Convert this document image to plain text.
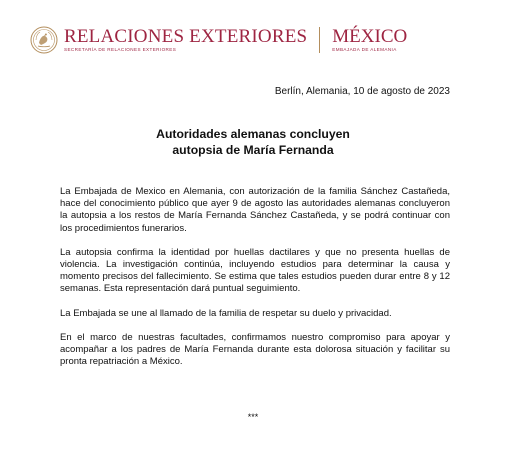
RELACIONES EXTERIORES
SECRETARÍA DE RELACIONES EXTERIORES
MÉXICO
EMBAJADA DE ALEMANIA
Berlín, Alemania, 10 de agosto de 2023
Autoridades alemanas concluyen
autopsia de María Fernanda

La Embajada de Mexico en Alemania, con autorización de la familia Sánchez Castañeda, hace del conocimiento público que ayer 9 de agosto las autoridades alemanas concluyeron la autopsia a los restos de María Fernanda Sánchez Castañeda, y se podrá continuar con los procedimientos funerarios.

La autopsia confirma la identidad por huellas dactilares y que no presenta huellas de violencia. La investigación continúa, incluyendo estudios para determinar la causa y momento precisos del fallecimiento. Se estima que tales estudios pueden durar entre 8 y 12 semanas. Esta representación dará puntual seguimiento.

La Embajada se une al llamado de la familia de respetar su duelo y privacidad.

En el marco de nuestras facultades, confirmamos nuestro compromiso para apoyar y acompañar a los padres de María Fernanda durante esta dolorosa situación y facilitar su pronta repatriación a México.

***
